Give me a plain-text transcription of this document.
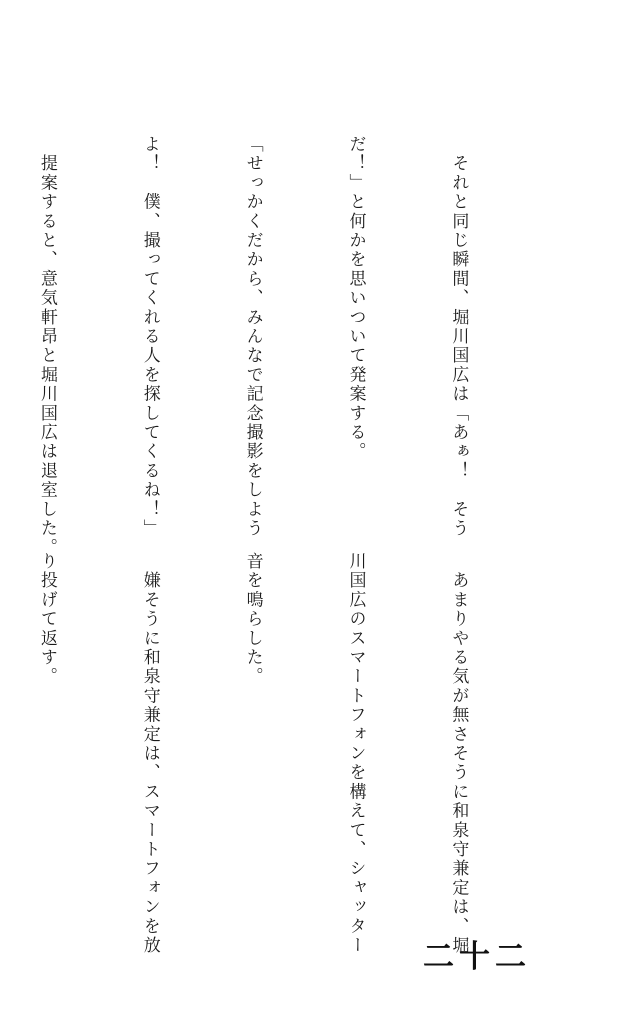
　それと同じ瞬間、堀川国広は「あぁ！　そう

だ！」と何かを思いついて発案する。

「せっかくだから、みんなで記念撮影をしよう

よ！　僕、撮ってくれる人を探してくるね！」

　提案すると、意気軒昂と堀川国広は退室した。

　あまりやる気が無さそうに和泉守兼定は、堀

川国広のスマートフォンを構えて、シャッター

音を鳴らした。

　嫌そうに和泉守兼定は、スマートフォンを放

り投げて返す。

二十二
